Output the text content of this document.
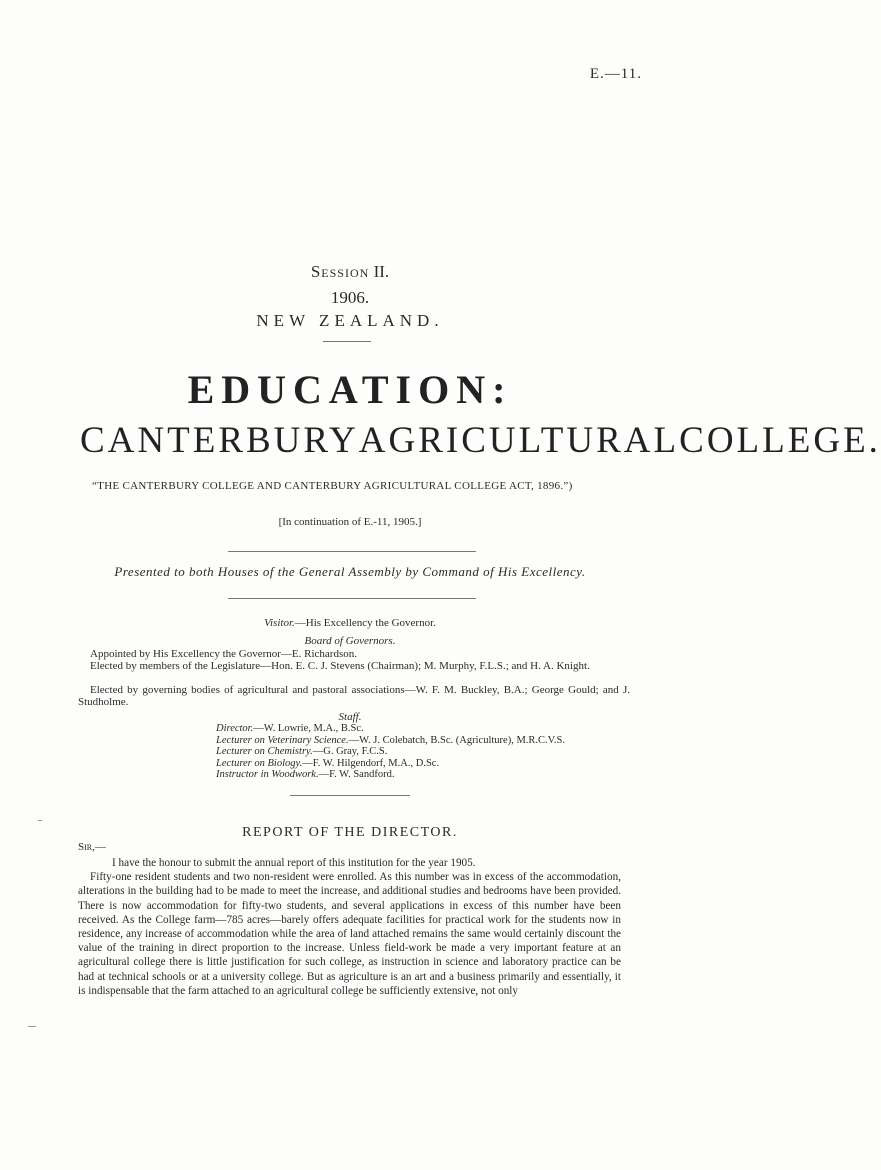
E.—11.
Session II.
1906.
NEW ZEALAND.
EDUCATION:
CANTERBURY AGRICULTURAL COLLEGE.
“THE CANTERBURY COLLEGE AND CANTERBURY AGRICULTURAL COLLEGE ACT, 1896.”)
[In continuation of E.-11, 1905.]
Presented to both Houses of the General Assembly by Command of His Excellency.
Visitor.—His Excellency the Governor.
Board of Governors.
Appointed by His Excellency the Governor—E. Richardson.
Elected by members of the Legislature—Hon. E. C. J. Stevens (Chairman); M. Murphy, F.L.S.; and H. A. Knight.
Elected by governing bodies of agricultural and pastoral associations—W. F. M. Buckley, B.A.; George Gould; and J. Studholme.
Staff.
Director.—W. Lowrie, M.A., B.Sc.
Lecturer on Veterinary Science.—W. J. Colebatch, B.Sc. (Agriculture), M.R.C.V.S.
Lecturer on Chemistry.—G. Gray, F.C.S.
Lecturer on Biology.—F. W. Hilgendorf, M.A., D.Sc.
Instructor in Woodwork.—F. W. Sandford.
REPORT OF THE DIRECTOR.
Sir,—

I have the honour to submit the annual report of this institution for the year 1905.

Fifty-one resident students and two non-resident were enrolled. As this number was in excess of the accommodation, alterations in the building had to be made to meet the increase, and additional studies and bedrooms have been provided. There is now accommodation for fifty-two students, and several applications in excess of this number have been received. As the College farm—785 acres—barely offers adequate facilities for practical work for the students now in residence, any increase of accommodation while the area of land attached remains the same would certainly discount the value of the training in direct proportion to the increase. Unless field-work be made a very important feature at an agricultural college there is little justification for such college, as instruction in science and laboratory practice can be had at technical schools or at a university college. But as agriculture is an art and a business primarily and essentially, it is indispensable that the farm attached to an agricultural college be sufficiently extensive, not only
